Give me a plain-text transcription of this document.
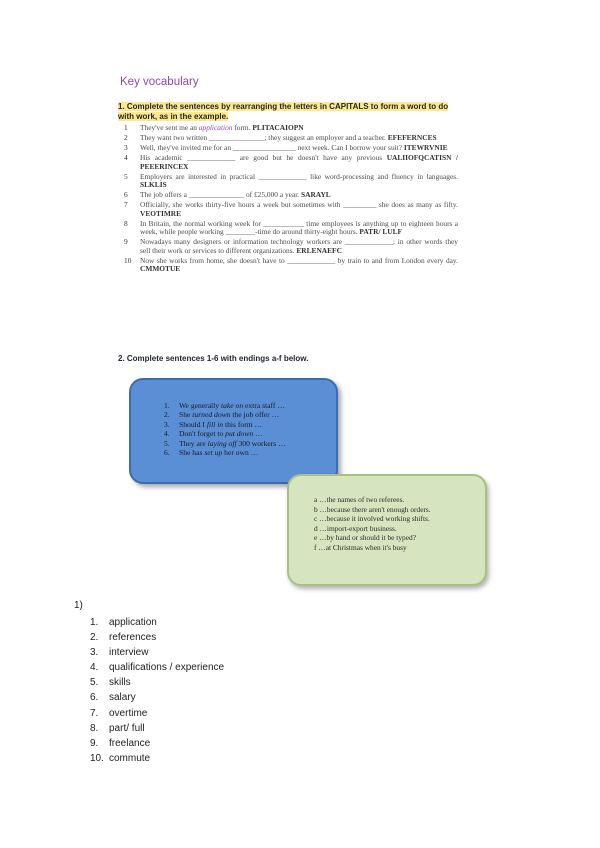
Key vocabulary
1. Complete the sentences by rearranging the letters in CAPITALS to form a word to do with work, as in the example.
1 They've sent me an application form. PLITACAIOPN
2 They want two written _______________; they suggest an employer and a teacher. EFEFERNCES
3 Well, they've invited me for an _________________ next week. Can I borrow your suit? ITEWRVNIE
4 His academic _____________ are good but he doesn't have any previous UALIIOFQCATISN / PEEERINCEX
5 Employers are interested in practical _____________ like word-processing and fluency in languages. SLKLIS
6 The job offers a _______________ of £25,000 a year. SARAYL
7 Officially, she works thirty-five hours a week but sometimes with _________ she does as many as fifty. VEOTIMRE
8 In Britain, the normal working week for ___________ time employees is anything up to eighteen hours a week, while people working ________-time do around thirty-eight hours. PATR/ LULF
9 Nowadays many designers or information technology workers are _____________; in other words they sell their work or services to different organizations. ERLENAEFC
10 Now she works from home, she doesn't have to _____________ by train to and from London every day. CMMOTUE
2. Complete sentences 1-6 with endings a-f below.
1. We generally take on extra staff …
2. She turned down the job offer …
3. Should I fill in this form …
4. Don't forget to put down …
5. They are laying off 300 workers …
6. She has set up her own …
a …the names of two referees.
b …because there aren't enough orders.
c …because it involved working shifts.
d …import-export business.
e …by hand or should it be typed?
f …at Christmas when it's busy
1)
1. application
2. references
3. interview
4. qualifications / experience
5. skills
6. salary
7. overtime
8. part/ full
9. freelance
10. commute
